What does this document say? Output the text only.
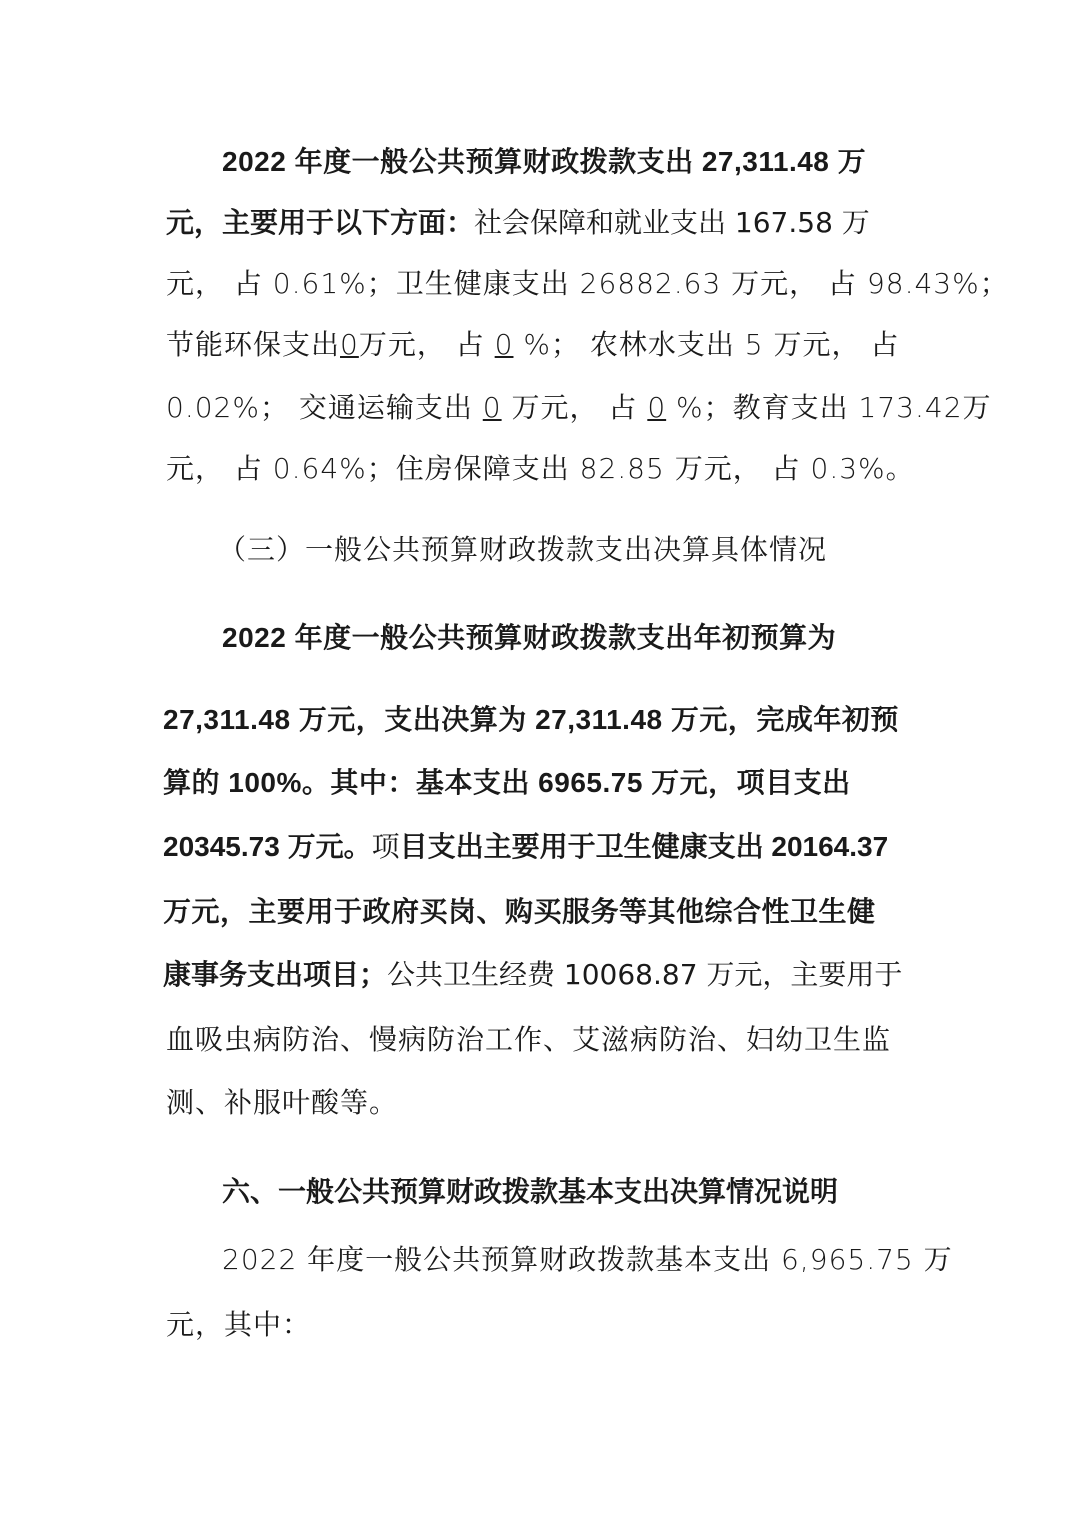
2022 年度一般公共预算财政拨款支出 27,311.48 万
元，主要用于以下方面：社会保障和就业支出 167.58 万
元， 占 0.61%；卫生健康支出 26882.63 万元， 占 98.43%；
节能环保支出0万元， 占 0 %； 农林水支出 5 万元， 占
0.02%； 交通运输支出 0 万元， 占 0 %；教育支出 173.42万
元， 占 0.64%；住房保障支出 82.85 万元， 占 0.3%。
（三）一般公共预算财政拨款支出决算具体情况
2022 年度一般公共预算财政拨款支出年初预算为
27,311.48 万元，支出决算为 27,311.48 万元，完成年初预
算的 100%。其中：基本支出 6965.75 万元，项目支出
20345.73 万元。项目支出主要用于卫生健康支出 20164.37
万元，主要用于政府买岗、购买服务等其他综合性卫生健
康事务支出项目；公共卫生经费 10068.87 万元，主要用于
血吸虫病防治、慢病防治工作、艾滋病防治、妇幼卫生监
测、补服叶酸等。
六、一般公共预算财政拨款基本支出决算情况说明
2022 年度一般公共预算财政拨款基本支出 6,965.75 万
元，其中：
